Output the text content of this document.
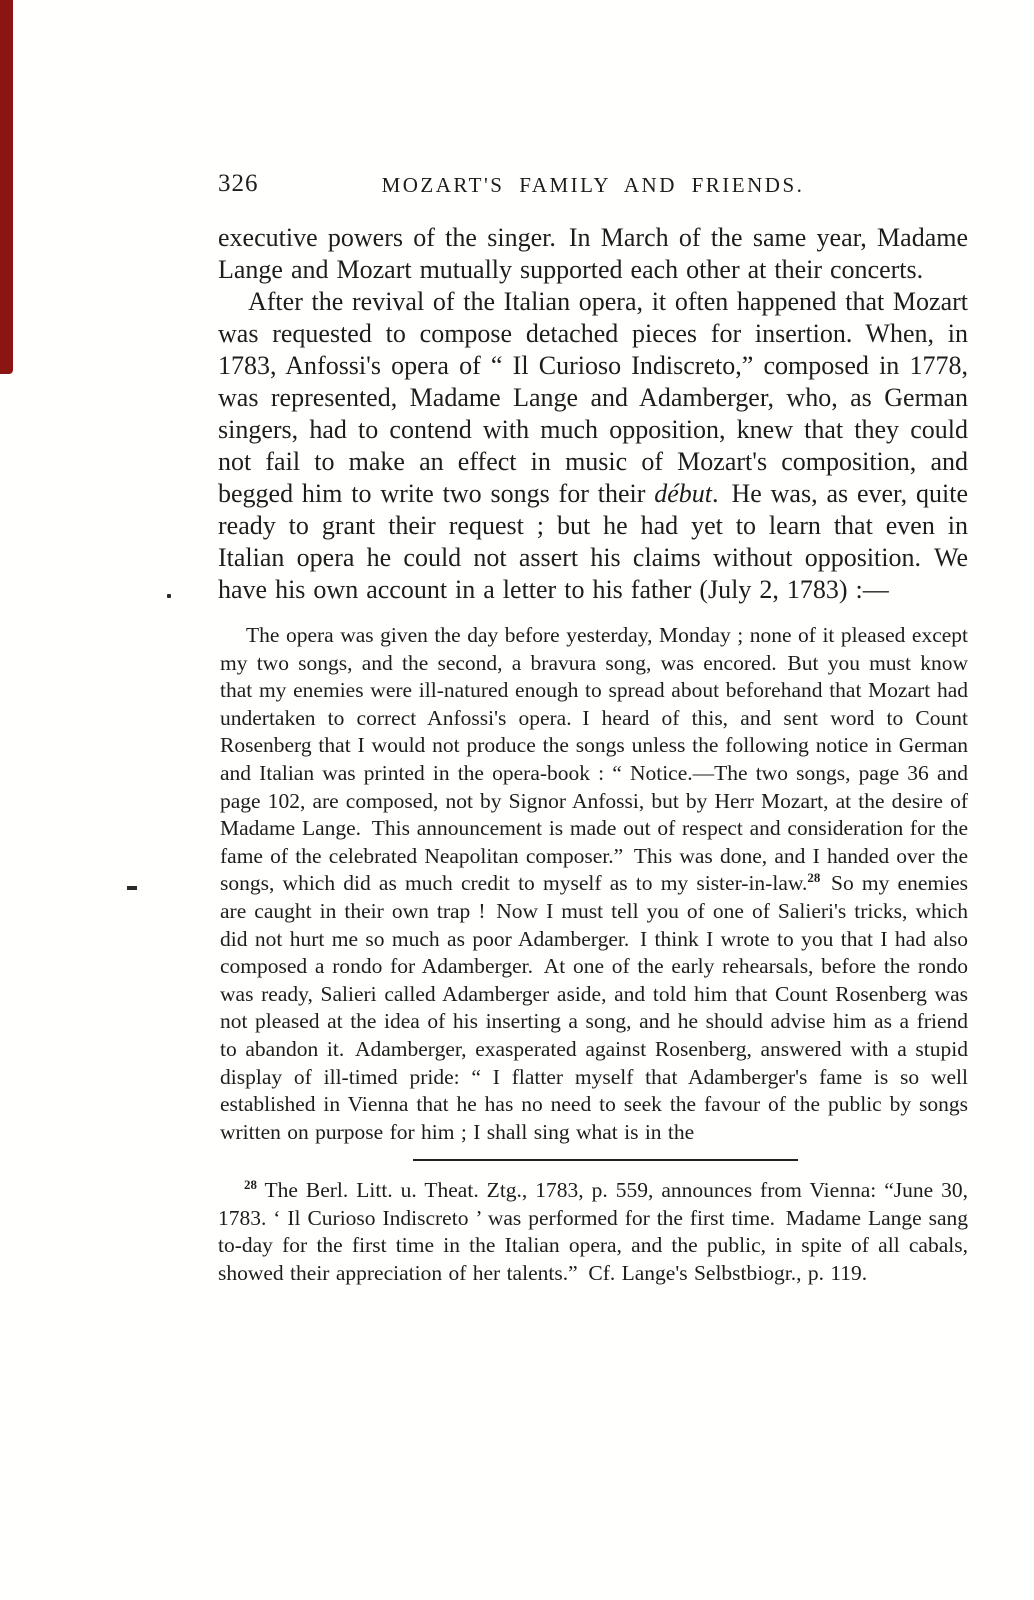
326	MOZART'S FAMILY AND FRIENDS.

executive powers of the singer. In March of the same year, Madame Lange and Mozart mutually supported each other at their concerts.

After the revival of the Italian opera, it often happened that Mozart was requested to compose detached pieces for insertion. When, in 1783, Anfossi's opera of “ Il Curioso Indiscreto,” composed in 1778, was represented, Madame Lange and Adamberger, who, as German singers, had to contend with much opposition, knew that they could not fail to make an effect in music of Mozart's composition, and begged him to write two songs for their début. He was, as ever, quite ready to grant their request ; but he had yet to learn that even in Italian opera he could not assert his claims without opposition. We have his own account in a letter to his father (July 2, 1783) :—

The opera was given the day before yesterday, Monday ; none of it pleased except my two songs, and the second, a bravura song, was encored. But you must know that my enemies were ill-natured enough to spread about beforehand that Mozart had undertaken to correct Anfossi's opera. I heard of this, and sent word to Count Rosenberg that I would not produce the songs unless the following notice in German and Italian was printed in the opera-book : “ Notice.—The two songs, page 36 and page 102, are composed, not by Signor Anfossi, but by Herr Mozart, at the desire of Madame Lange. This announcement is made out of respect and consideration for the fame of the celebrated Neapolitan composer.” This was done, and I handed over the songs, which did as much credit to myself as to my sister-in-law.$^{28}$ So my enemies are caught in their own trap ! Now I must tell you of one of Salieri's tricks, which did not hurt me so much as poor Adamberger. I think I wrote to you that I had also composed a rondo for Adamberger. At one of the early rehearsals, before the rondo was ready, Salieri called Adamberger aside, and told him that Count Rosenberg was not pleased at the idea of his inserting a song, and he should advise him as a friend to abandon it. Adamberger, exasperated against Rosenberg, answered with a stupid display of ill-timed pride: “ I flatter myself that Adamberger's fame is so well established in Vienna that he has no need to seek the favour of the public by songs written on purpose for him ; I shall sing what is in the

$^{28}$ The Berl. Litt. u. Theat. Ztg., 1783, p. 559, announces from Vienna: “June 30, 1783. ‘ Il Curioso Indiscreto ’ was performed for the first time. Madame Lange sang to-day for the first time in the Italian opera, and the public, in spite of all cabals, showed their appreciation of her talents.” Cf. Lange's Selbstbiogr., p. 119.
